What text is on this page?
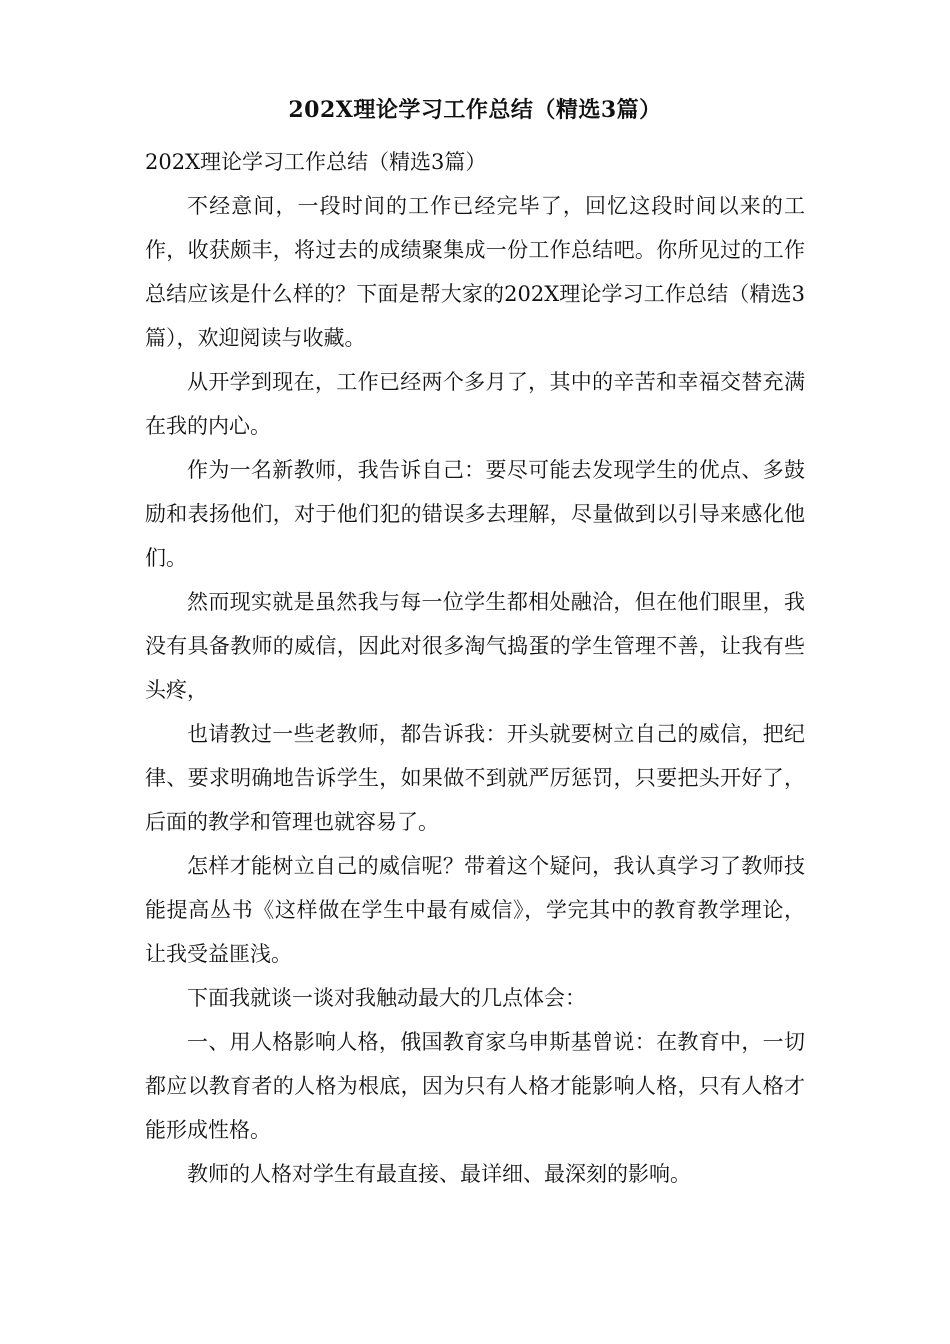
202X理论学习工作总结（精选3篇）

202X理论学习工作总结（精选3篇）

不经意间，一段时间的工作已经完毕了，回忆这段时间以来的工作，收获颇丰，将过去的成绩聚集成一份工作总结吧。你所见过的工作总结应该是什么样的？下面是帮大家的202X理论学习工作总结（精选3篇），欢迎阅读与收藏。

从开学到现在，工作已经两个多月了，其中的辛苦和幸福交替充满在我的内心。

作为一名新教师，我告诉自己：要尽可能去发现学生的优点、多鼓励和表扬他们，对于他们犯的错误多去理解，尽量做到以引导来感化他们。

然而现实就是虽然我与每一位学生都相处融洽，但在他们眼里，我没有具备教师的威信，因此对很多淘气捣蛋的学生管理不善，让我有些头疼，

也请教过一些老教师，都告诉我：开头就要树立自己的威信，把纪律、要求明确地告诉学生，如果做不到就严厉惩罚，只要把头开好了，后面的教学和管理也就容易了。

怎样才能树立自己的威信呢？带着这个疑问，我认真学习了教师技能提高丛书《这样做在学生中最有威信》，学完其中的教育教学理论，让我受益匪浅。

下面我就谈一谈对我触动最大的几点体会：

一、用人格影响人格，俄国教育家乌申斯基曾说：在教育中，一切都应以教育者的人格为根底，因为只有人格才能影响人格，只有人格才能形成性格。

教师的人格对学生有最直接、最详细、最深刻的影响。
